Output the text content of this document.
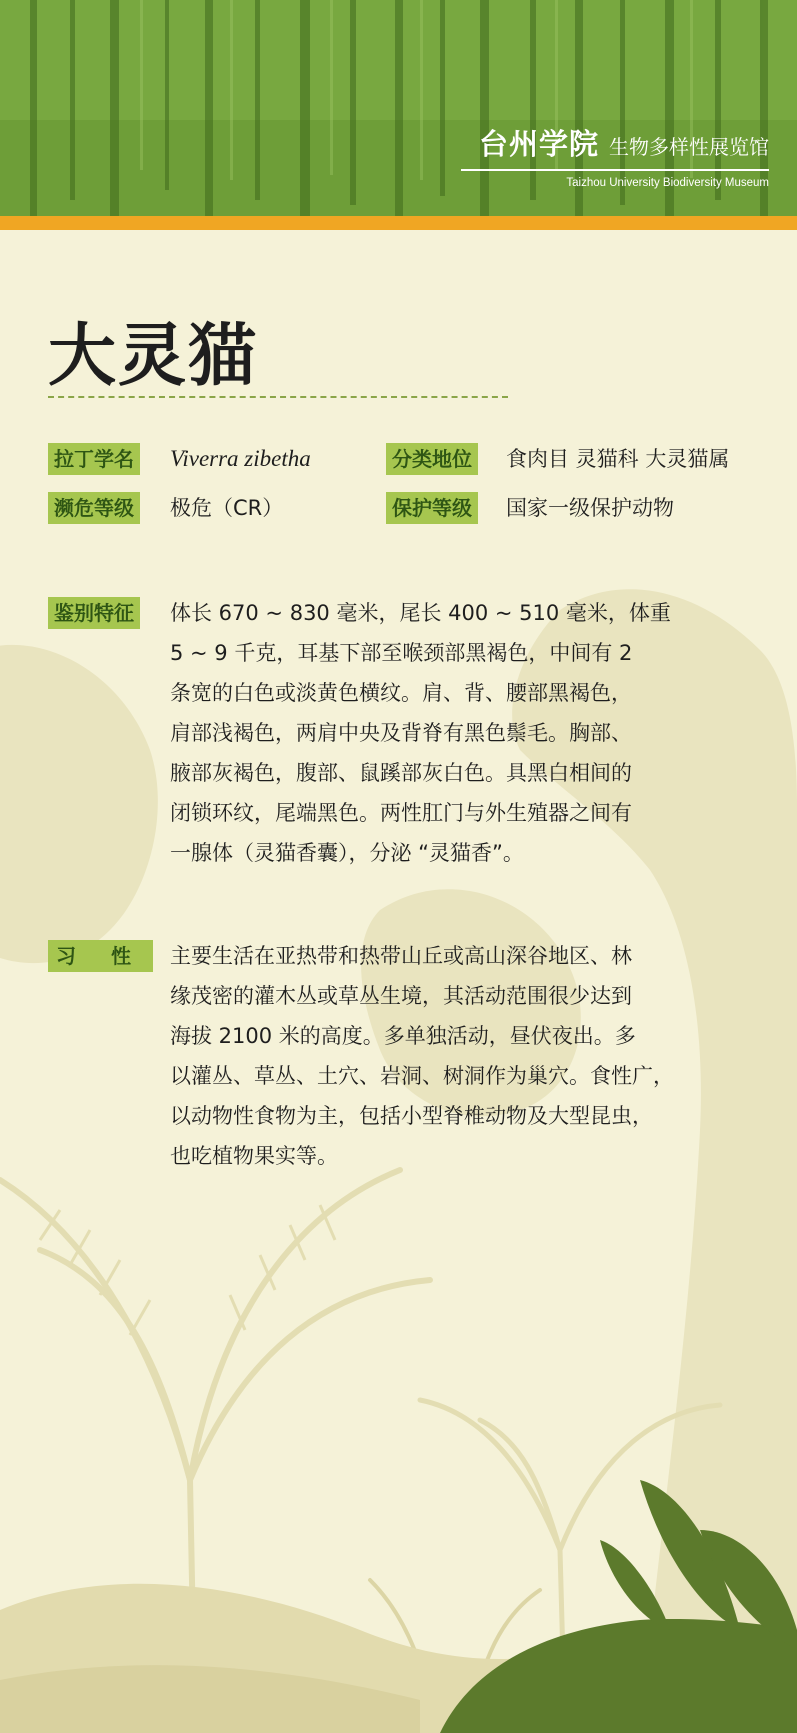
台州学院 生物多样性展览馆
Taizhou University Biodiversity Museum
大灵猫
拉丁学名 Viverra zibetha	分类地位 食肉目 灵猫科 大灵猫属
濒危等级 极危（CR）	保护等级 国家一级保护动物
鉴别特征 体长 670 ~ 830 毫米，尾长 400 ~ 510 毫米，体重
5 ~ 9 千克，耳基下部至喉颈部黑褐色，中间有 2
条宽的白色或淡黄色横纹。肩、背、腰部黑褐色，
肩部浅褐色，两肩中央及背脊有黑色鬃毛。胸部、
腋部灰褐色，腹部、鼠蹊部灰白色。具黑白相间的
闭锁环纹，尾端黑色。两性肛门与外生殖器之间有
一腺体（灵猫香囊），分泌 “灵猫香”。
习 性	主要生活在亚热带和热带山丘或高山深谷地区、林
缘茂密的灌木丛或草丛生境，其活动范围很少达到
海拔 2100 米的高度。多单独活动，昼伏夜出。多
以灌丛、草丛、土穴、岩洞、树洞作为巢穴。食性广，
以动物性食物为主，包括小型脊椎动物及大型昆虫，
也吃植物果实等。
